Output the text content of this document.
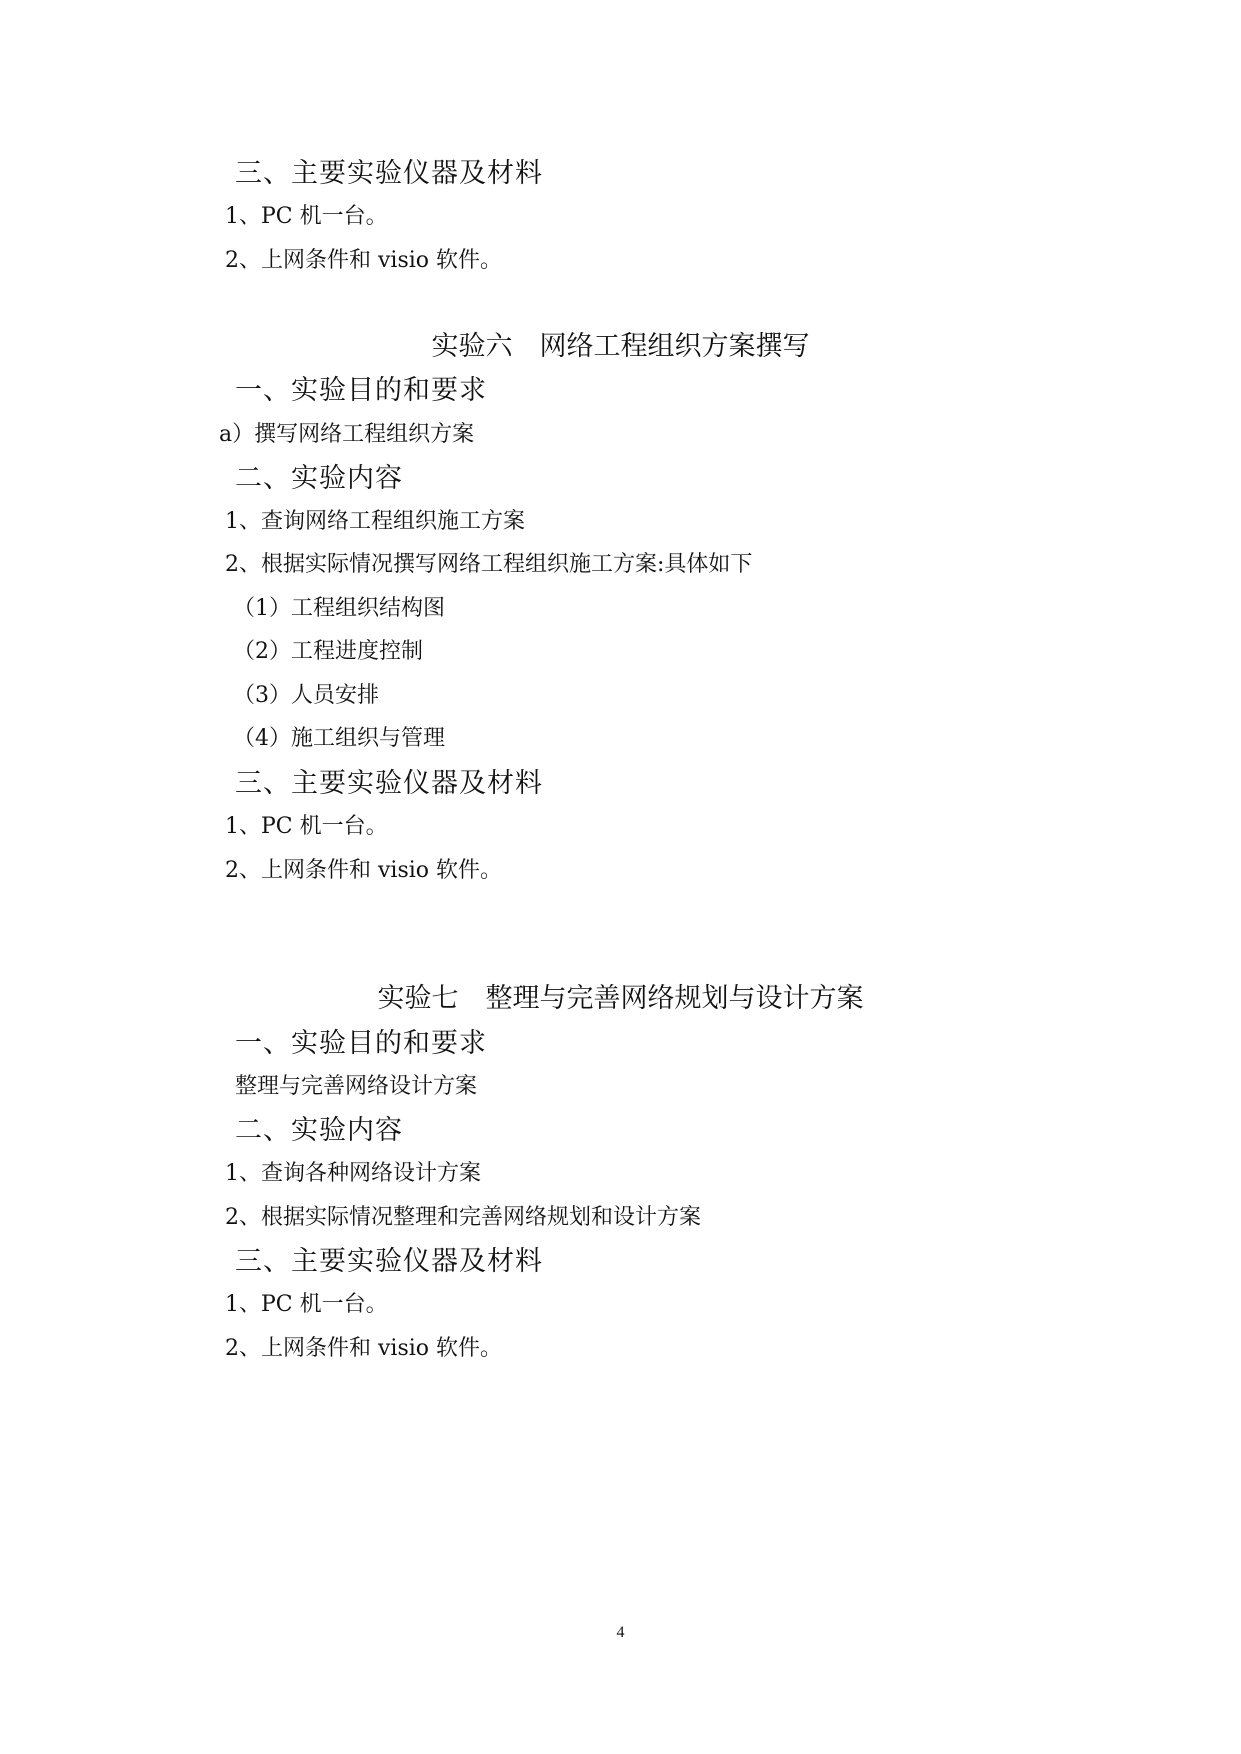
三、主要实验仪器及材料
1、PC 机一台。
2、上网条件和 visio 软件。
实验六　网络工程组织方案撰写
一、实验目的和要求
a）撰写网络工程组织方案
二、实验内容
1、查询网络工程组织施工方案
2、根据实际情况撰写网络工程组织施工方案:具体如下
（1）工程组织结构图
（2）工程进度控制
（3）人员安排
（4）施工组织与管理
三、主要实验仪器及材料
1、PC 机一台。
2、上网条件和 visio 软件。
实验七　整理与完善网络规划与设计方案
一、实验目的和要求
整理与完善网络设计方案
二、实验内容
1、查询各种网络设计方案
2、根据实际情况整理和完善网络规划和设计方案
三、主要实验仪器及材料
1、PC 机一台。
2、上网条件和 visio 软件。
4
